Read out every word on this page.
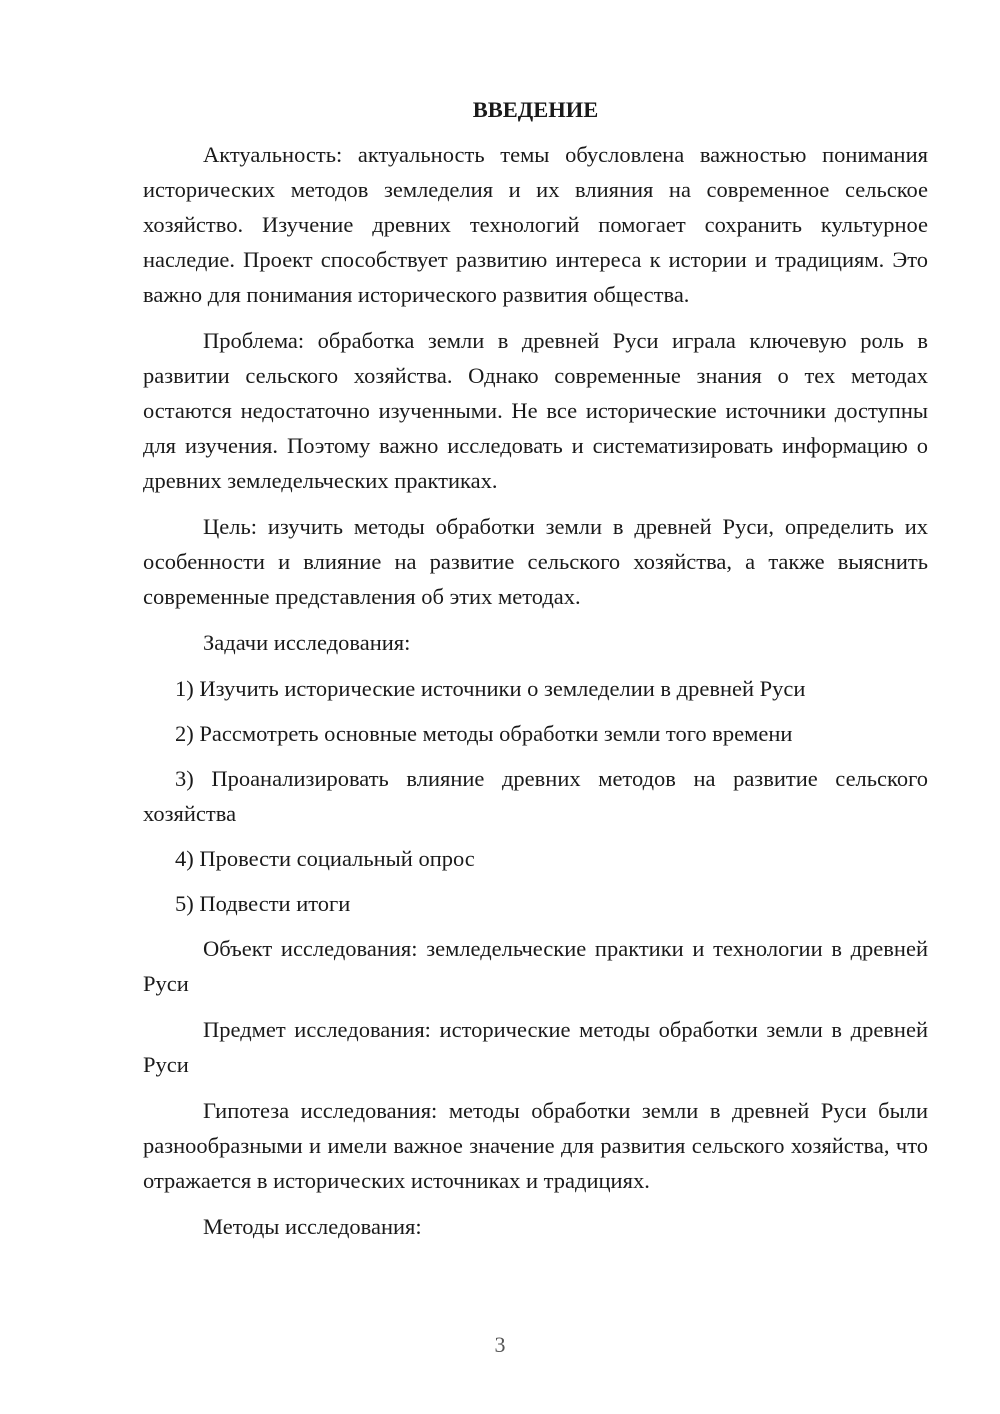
ВВЕДЕНИЕ

Актуальность: актуальность темы обусловлена важностью понимания исторических методов земледелия и их влияния на современное сельское хозяйство. Изучение древних технологий помогает сохранить культурное наследие. Проект способствует развитию интереса к истории и традициям. Это важно для понимания исторического развития общества.

Проблема: обработка земли в древней Руси играла ключевую роль в развитии сельского хозяйства. Однако современные знания о тех методах остаются недостаточно изученными. Не все исторические источники доступны для изучения. Поэтому важно исследовать и систематизировать информацию о древних земледельческих практиках.

Цель: изучить методы обработки земли в древней Руси, определить их особенности и влияние на развитие сельского хозяйства, а также выяснить современные представления об этих методах.

Задачи исследования:

1) Изучить исторические источники о земледелии в древней Руси

2) Рассмотреть основные методы обработки земли того времени

3) Проанализировать влияние древних методов на развитие сельского хозяйства

4) Провести социальный опрос

5) Подвести итоги

Объект исследования: земледельческие практики и технологии в древней Руси

Предмет исследования: исторические методы обработки земли в древней Руси

Гипотеза исследования: методы обработки земли в древней Руси были разнообразными и имели важное значение для развития сельского хозяйства, что отражается в исторических источниках и традициях.

Методы исследования:

3
